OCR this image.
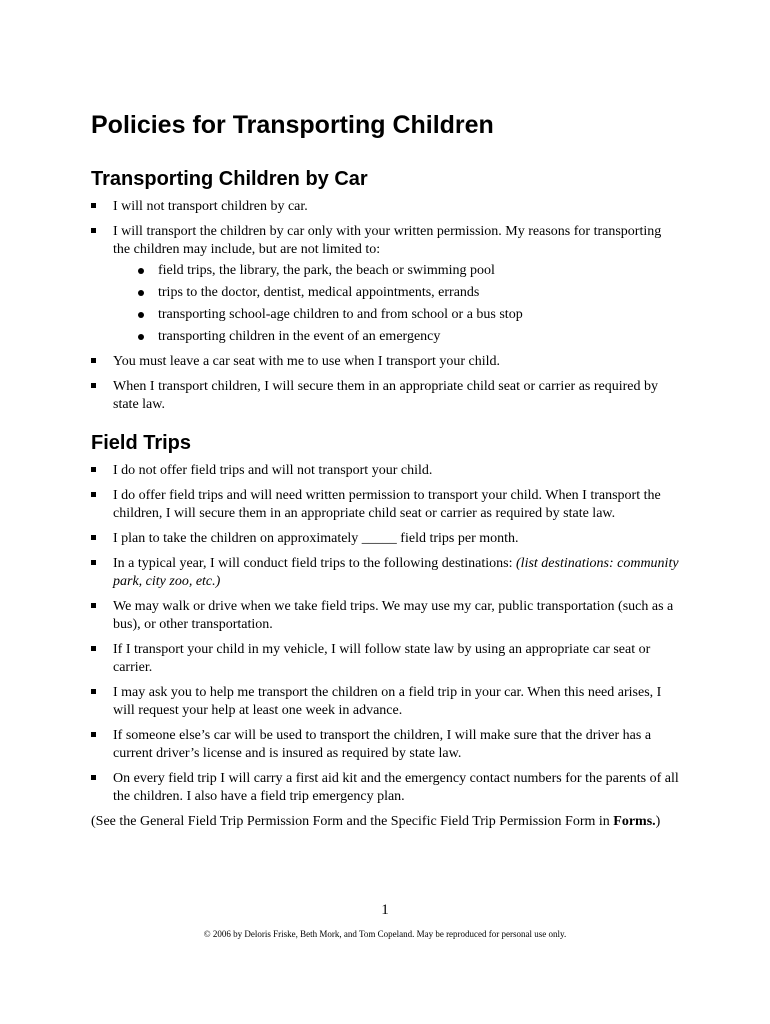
Policies for Transporting Children
Transporting Children by Car
I will not transport children by car.
I will transport the children by car only with your written permission. My reasons for transporting the children may include, but are not limited to:
field trips, the library, the park, the beach or swimming pool
trips to the doctor, dentist, medical appointments, errands
transporting school-age children to and from school or a bus stop
transporting children in the event of an emergency
You must leave a car seat with me to use when I transport your child.
When I transport children, I will secure them in an appropriate child seat or carrier as required by state law.
Field Trips
I do not offer field trips and will not transport your child.
I do offer field trips and will need written permission to transport your child. When I transport the children, I will secure them in an appropriate child seat or carrier as required by state law.
I plan to take the children on approximately _____ field trips per month.
In a typical year, I will conduct field trips to the following destinations: (list destinations: community park, city zoo, etc.)
We may walk or drive when we take field trips. We may use my car, public transportation (such as a bus), or other transportation.
If I transport your child in my vehicle, I will follow state law by using an appropriate car seat or carrier.
I may ask you to help me transport the children on a field trip in your car. When this need arises, I will request your help at least one week in advance.
If someone else’s car will be used to transport the children, I will make sure that the driver has a current driver’s license and is insured as required by state law.
On every field trip I will carry a first aid kit and the emergency contact numbers for the parents of all the children. I also have a field trip emergency plan.

(See the General Field Trip Permission Form and the Specific Field Trip Permission Form in Forms.)

1
© 2006 by Deloris Friske, Beth Mork, and Tom Copeland. May be reproduced for personal use only.
